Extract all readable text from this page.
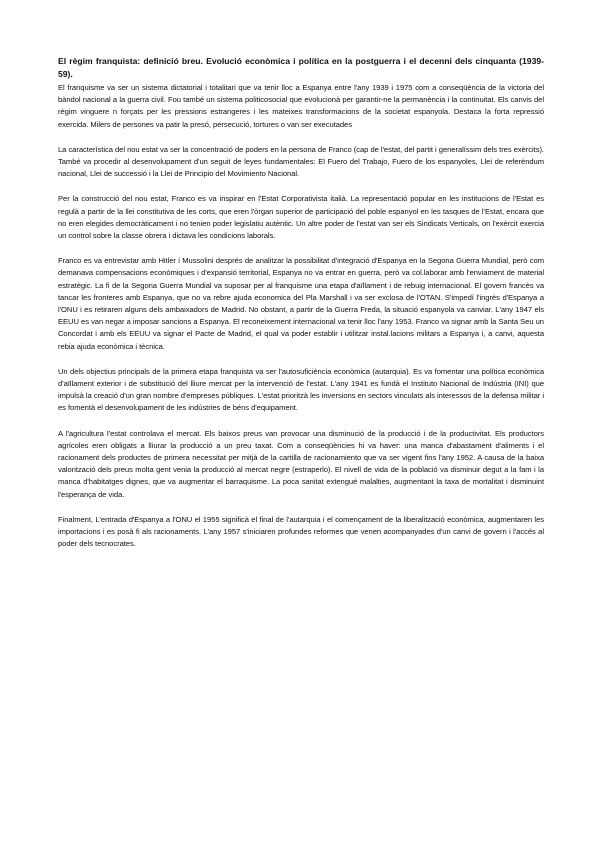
El règim franquista: definició breu. Evolució econòmica i política en la postguerra i el decenni dels cinquanta (1939-59).

El franquisme va ser un sistema dictatorial i totalitari que va tenir lloc a Espanya entre l'any 1939 i 1975 com a conseqüència de la victoria del bàndol nacional a la guerra civil. Fou també un sistema politicosocial que evolucionà per garantir-ne la permanència i la continuitat. Els canvis del règim vinguere n forçats per les pressions estrangeres i les mateixes transformacions de la societat espanyola. Destaca la forta repressió exercida. Milers de persones va patir la presó, persecució, tortures o van ser executades

La característica del nou estat va ser la concentració de poders en la persona de Franco (cap de l'estat, del partit i generalíssim dels tres exèrcits). També va procedir al desenvolupament d'un seguit de leyes fundamentales: El Fuero del Trabajo, Fuero de los espanyoles, Llei de referèndum nacional, Llei de successió i la Llei de Principio del Movimiento Nacional.

Per la construcció del nou estat, Franco es va inspirar en l'Estat Corporativista italià. La representació popular en les institucions de l'Estat es regulà a partir de la llei constitutiva de les corts, que eren l'òrgan superior de participació del poble espanyol en les tasques de l'Estat, encara que no eren elegides democràticament i no tenien poder legislatiu autèntic. Un altre poder de l'estat van ser els Sindicats Verticals, on l'exèrcit exercia un control sobre la classe obrera i dictava les condicions laborals.

Franco es va entrevistar amb Hitler i Mussolini després de analitzar la possibilitat d'integració d'Espanya en la Segona Guerra Mundial, però com demanava compensacions econòmiques i d'expansió territorial, Espanya no va entrar en guerra, però va col.laborar amb l'enviament de material estratègic. La fi de la Segona Guerra Mundial va suposar per al franquisme una etapa d'aïllament i de rebuig internacional. El govern francès va tancar les fronteres amb Espanya, que no va rebre ajuda economica del Pla Marshall i va ser exclosa de l'OTAN. S'impedí l'ingrés d'Espanya a l'ONU i es retiraren alguns dels ambaixadors de Madrid. No obstant, a partir de la Guerra Freda, la situació espanyola va canviar. L'any 1947 els EEUU es van negar a imposar sancions a Espanya. El reconeixement internacional va tenir lloc l'any 1953. Franco va signar amb la Santa Seu un Concordat i amb els EEUU va signar el Pacte de Madrid, el qual va poder establir i utilitzar instal.lacions militars a Espanya i, a canvi, aquesta rebia ajuda econòmica i tècnica.

Un dels objectius principals de la primera etapa franquista va ser l'autosuficiència econòmica (autarquia). Es va fomentar una política econòmica d'aïllament exterior i de substitució del lliure mercat per la intervenció de l'estat. L'any 1941 es fundà el Instituto Nacional de Indústria (INI) que impulsà la creació d'un gran nombre d'empreses públiques. L'estat prioritzà les inversions en sectors vinculats als interessos de la defensa militar i es fomentà el desenvolupament de les indústries de béns d'equipament.

A l'agricultura l'estat controlava el mercat. Els baixos preus van provocar una disminució de la producció i de la productivitat. Els productors agrícoles eren obligats a lliurar la producció a un preu taxat. Com a conseqüències hi va haver: una manca d'abastament d'aliments i el racionament dels productes de primera necessitat per mitjà de la cartilla de racionamiento que va ser vigent fins l'any 1952. A causa de la baixa valorització dels preus molta gent venia la producció al mercat negre (estraperlo). El nivell de vida de la població va disminuir degut a la fam i la manca d'habitatges dignes, que va augmentar el barraquisme. La poca sanitat extengué malalties, augmentant la taxa de mortalitat i disminuint l'esperança de vida.

Finalment, L'entrada d'Espanya a l'ONU el 1955 significà el final de l'autarquia i el començament de la liberalització econòmica, augmentaren les importacions i es posà fi als racionaments. L'any 1957 s'iniciaren profundes reformes que venen acompanyades d'un canvi de govern i l'accés al poder dels tecnocrates.
